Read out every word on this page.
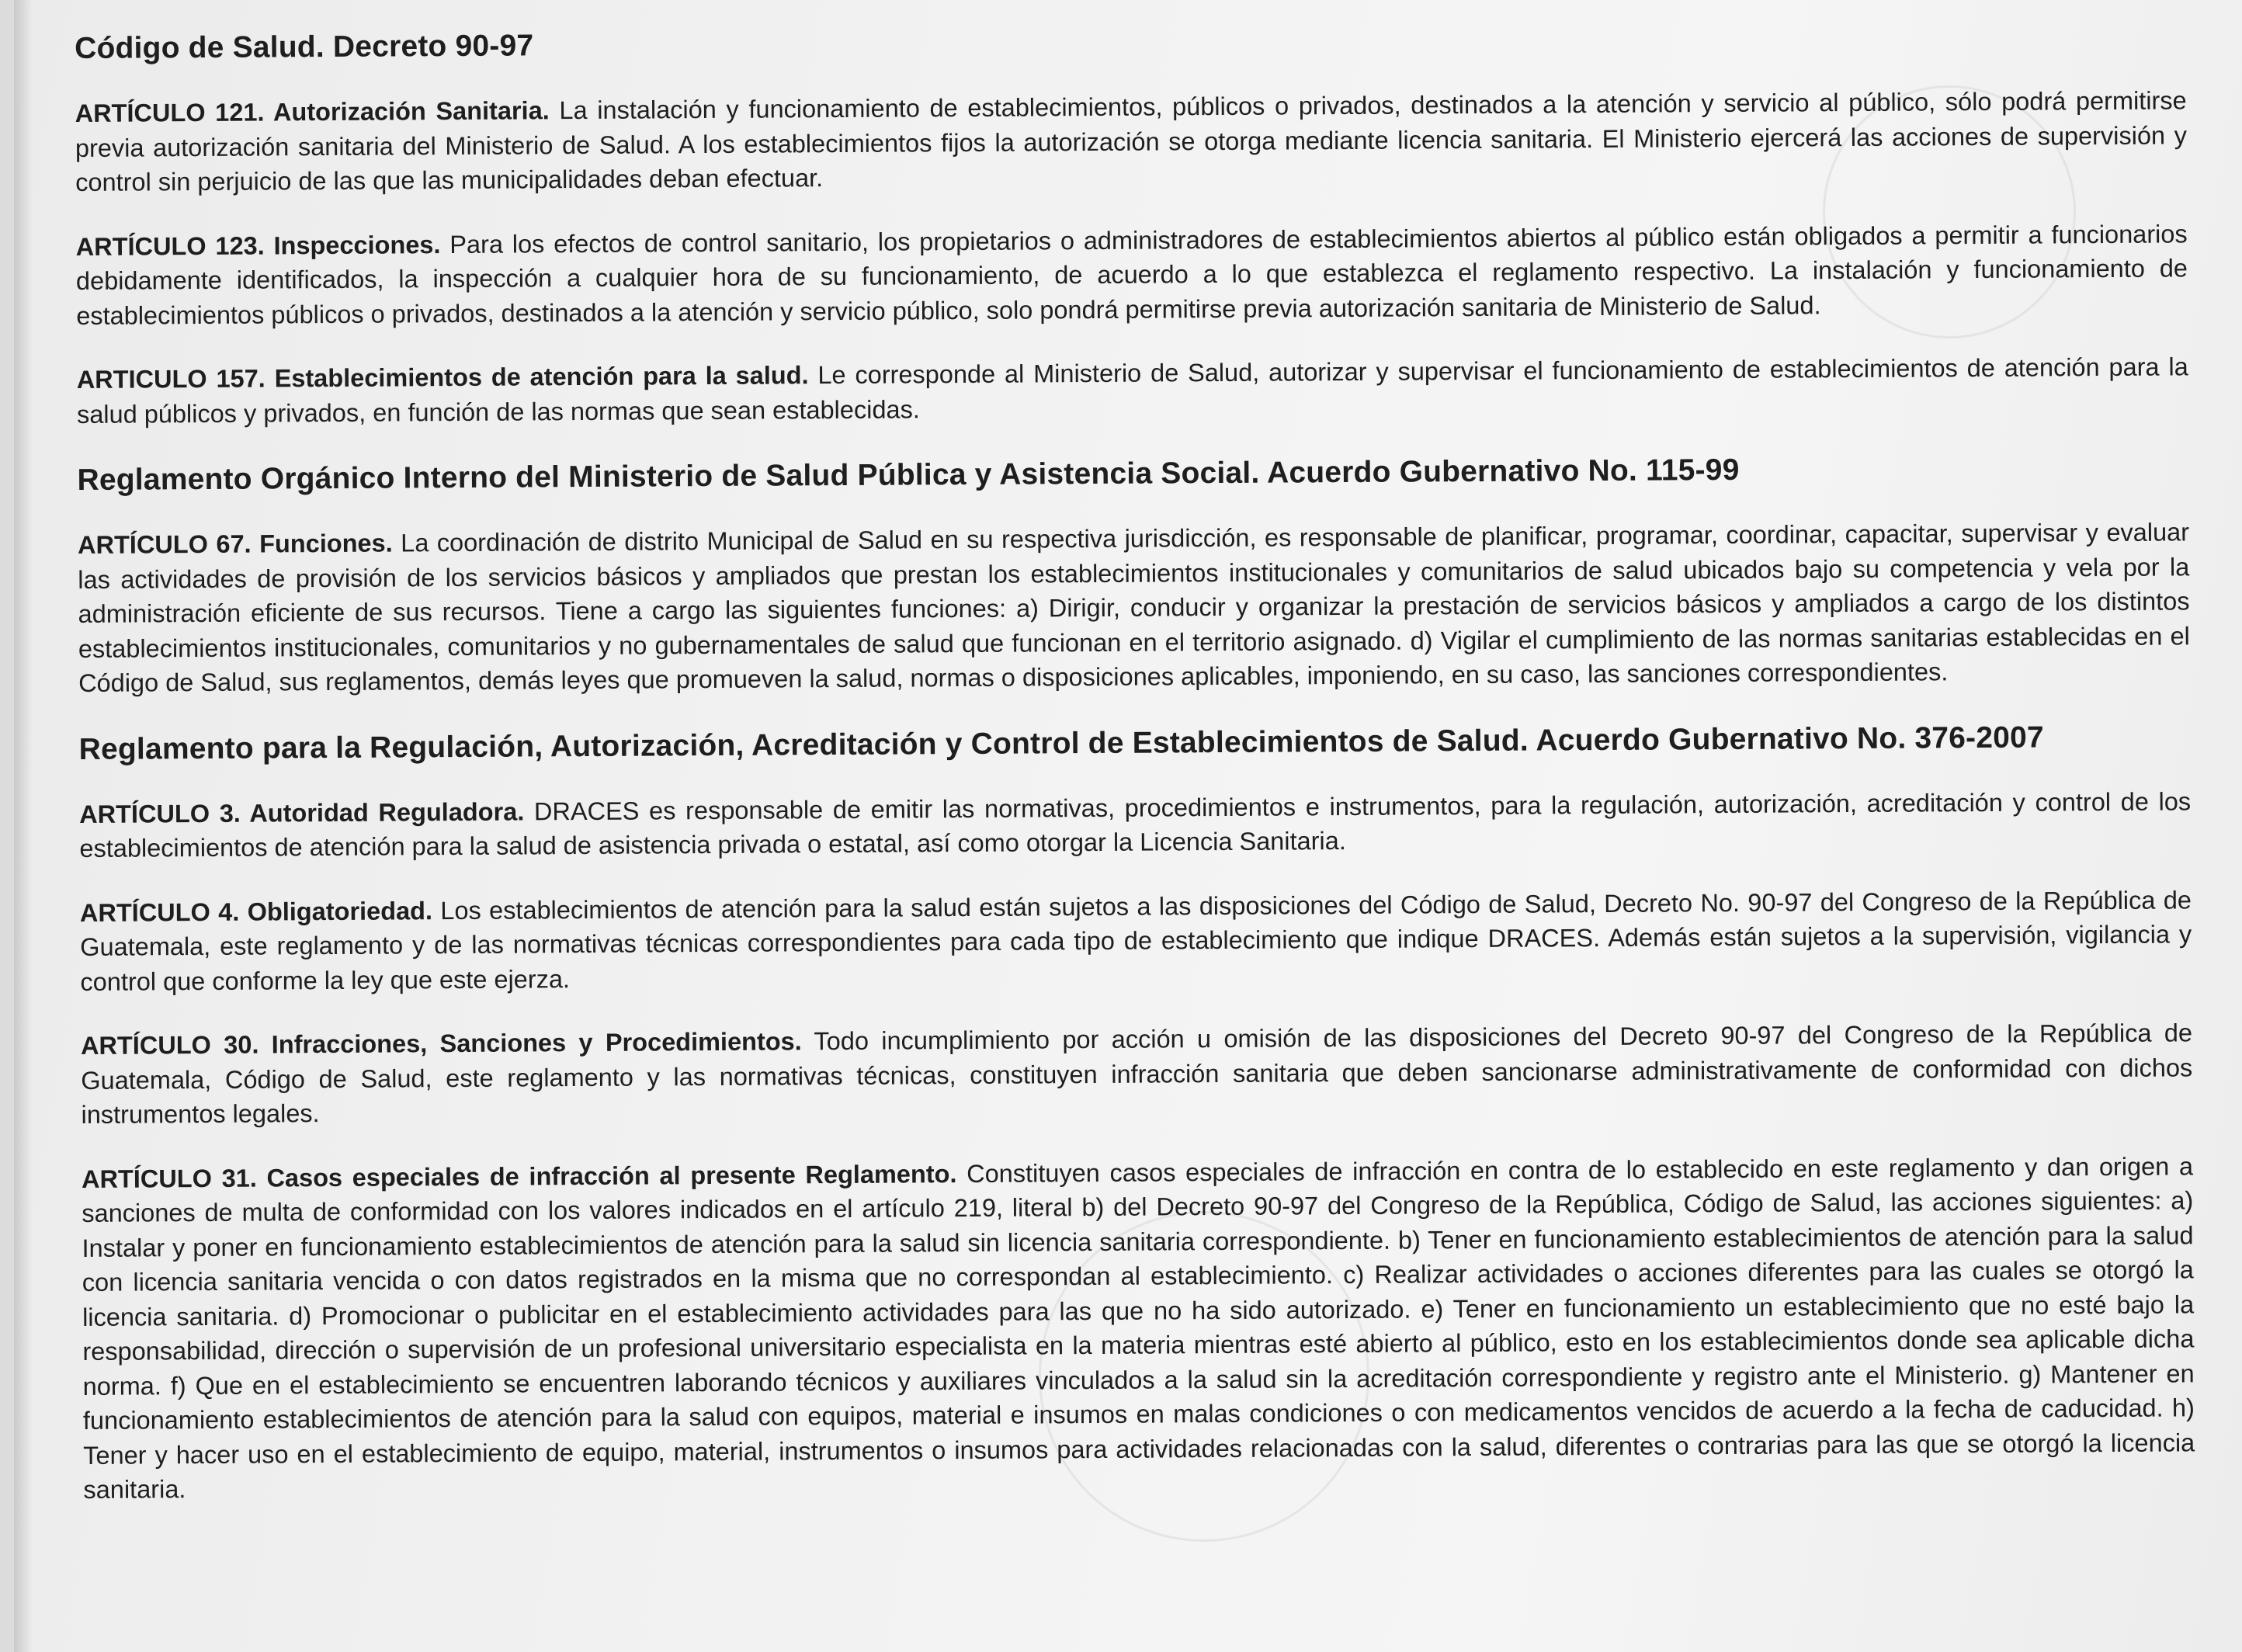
Código de Salud. Decreto 90-97

ARTÍCULO 121. Autorización Sanitaria. La instalación y funcionamiento de establecimientos, públicos o privados, destinados a la atención y servicio al público, sólo podrá permitirse previa autorización sanitaria del Ministerio de Salud. A los establecimientos fijos la autorización se otorga mediante licencia sanitaria. El Ministerio ejercerá las acciones de supervisión y control sin perjuicio de las que las municipalidades deban efectuar.

ARTÍCULO 123. Inspecciones. Para los efectos de control sanitario, los propietarios o administradores de establecimientos abiertos al público están obligados a permitir a funcionarios debidamente identificados, la inspección a cualquier hora de su funcionamiento, de acuerdo a lo que establezca el reglamento respectivo. La instalación y funcionamiento de establecimientos públicos o privados, destinados a la atención y servicio público, solo pondrá permitirse previa autorización sanitaria de Ministerio de Salud.

ARTICULO 157. Establecimientos de atención para la salud. Le corresponde al Ministerio de Salud, autorizar y supervisar el funcionamiento de establecimientos de atención para la salud públicos y privados, en función de las normas que sean establecidas.

Reglamento Orgánico Interno del Ministerio de Salud Pública y Asistencia Social. Acuerdo Gubernativo No. 115-99

ARTÍCULO 67. Funciones. La coordinación de distrito Municipal de Salud en su respectiva jurisdicción, es responsable de planificar, programar, coordinar, capacitar, supervisar y evaluar las actividades de provisión de los servicios básicos y ampliados que prestan los establecimientos institucionales y comunitarios de salud ubicados bajo su competencia y vela por la administración eficiente de sus recursos. Tiene a cargo las siguientes funciones: a) Dirigir, conducir y organizar la prestación de servicios básicos y ampliados a cargo de los distintos establecimientos institucionales, comunitarios y no gubernamentales de salud que funcionan en el territorio asignado. d) Vigilar el cumplimiento de las normas sanitarias establecidas en el Código de Salud, sus reglamentos, demás leyes que promueven la salud, normas o disposiciones aplicables, imponiendo, en su caso, las sanciones correspondientes.

Reglamento para la Regulación, Autorización, Acreditación y Control de Establecimientos de Salud. Acuerdo Gubernativo No. 376-2007

ARTÍCULO 3. Autoridad Reguladora. DRACES es responsable de emitir las normativas, procedimientos e instrumentos, para la regulación, autorización, acreditación y control de los establecimientos de atención para la salud de asistencia privada o estatal, así como otorgar la Licencia Sanitaria.

ARTÍCULO 4. Obligatoriedad. Los establecimientos de atención para la salud están sujetos a las disposiciones del Código de Salud, Decreto No. 90-97 del Congreso de la República de Guatemala, este reglamento y de las normativas técnicas correspondientes para cada tipo de establecimiento que indique DRACES. Además están sujetos a la supervisión, vigilancia y control que conforme la ley que este ejerza.

ARTÍCULO 30. Infracciones, Sanciones y Procedimientos. Todo incumplimiento por acción u omisión de las disposiciones del Decreto 90-97 del Congreso de la República de Guatemala, Código de Salud, este reglamento y las normativas técnicas, constituyen infracción sanitaria que deben sancionarse administrativamente de conformidad con dichos instrumentos legales.

ARTÍCULO 31. Casos especiales de infracción al presente Reglamento. Constituyen casos especiales de infracción en contra de lo establecido en este reglamento y dan origen a sanciones de multa de conformidad con los valores indicados en el artículo 219, literal b) del Decreto 90-97 del Congreso de la República, Código de Salud, las acciones siguientes: a) Instalar y poner en funcionamiento establecimientos de atención para la salud sin licencia sanitaria correspondiente. b) Tener en funcionamiento establecimientos de atención para la salud con licencia sanitaria vencida o con datos registrados en la misma que no correspondan al establecimiento. c) Realizar actividades o acciones diferentes para las cuales se otorgó la licencia sanitaria. d) Promocionar o publicitar en el establecimiento actividades para las que no ha sido autorizado. e) Tener en funcionamiento un establecimiento que no esté bajo la responsabilidad, dirección o supervisión de un profesional universitario especialista en la materia mientras esté abierto al público, esto en los establecimientos donde sea aplicable dicha norma. f) Que en el establecimiento se encuentren laborando técnicos y auxiliares vinculados a la salud sin la acreditación correspondiente y registro ante el Ministerio. g) Mantener en funcionamiento establecimientos de atención para la salud con equipos, material e insumos en malas condiciones o con medicamentos vencidos de acuerdo a la fecha de caducidad. h) Tener y hacer uso en el establecimiento de equipo, material, instrumentos o insumos para actividades relacionadas con la salud, diferentes o contrarias para las que se otorgó la licencia sanitaria.
